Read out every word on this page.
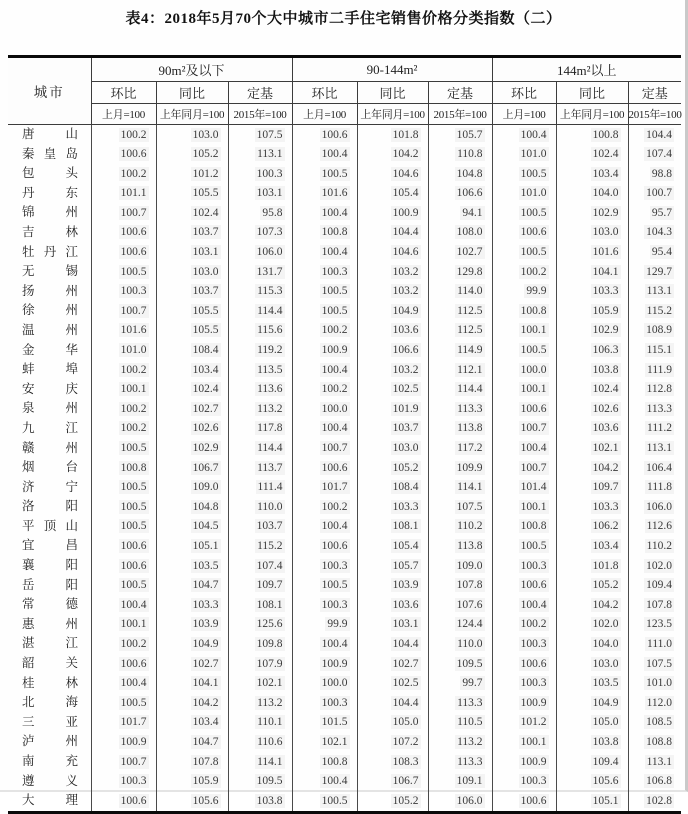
表4：2018年5月70个大中城市二手住宅销售价格分类指数（二）
城市	90m²及以下			90-144m²			144m²以上		
	环比	同比	定基	环比	同比	定基	环比	同比	定基
	上月=100	上年同月=100	2015年=100	上月=100	上年同月=100	2015年=100	上月=100	上年同月=100	2015年=100
唐山	100.2	103.0	107.5	100.6	101.8	105.7	100.4	100.8	104.4
秦皇岛	100.6	105.2	113.1	100.4	104.2	110.8	101.0	102.4	107.4
包头	100.2	101.2	100.3	100.5	104.6	104.8	100.5	103.4	98.8
丹东	101.1	105.5	103.1	101.6	105.4	106.6	101.0	104.0	100.7
锦州	100.7	102.4	95.8	100.4	100.9	94.1	100.5	102.9	95.7
吉林	100.6	103.7	107.3	100.8	104.4	108.0	100.6	103.0	104.3
牡丹江	100.6	103.1	106.0	100.4	104.6	102.7	100.5	101.6	95.4
无锡	100.5	103.0	131.7	100.3	103.2	129.8	100.2	104.1	129.7
扬州	100.3	103.7	115.3	100.5	103.2	114.0	99.9	103.3	113.1
徐州	100.7	105.5	114.4	100.5	104.9	112.5	100.8	105.9	115.2
温州	101.6	105.5	115.6	100.2	103.6	112.5	100.1	102.9	108.9
金华	101.0	108.4	119.2	100.9	106.6	114.9	100.5	106.3	115.1
蚌埠	100.2	103.4	113.5	100.4	103.2	112.1	100.0	103.8	111.9
安庆	100.1	102.4	113.6	100.2	102.5	114.4	100.1	102.4	112.8
泉州	100.2	102.7	113.2	100.0	101.9	113.3	100.6	102.6	113.3
九江	100.2	102.6	117.8	100.4	103.7	113.8	100.7	103.6	111.2
赣州	100.5	102.9	114.4	100.7	103.0	117.2	100.4	102.1	113.1
烟台	100.8	106.7	113.7	100.6	105.2	109.9	100.7	104.2	106.4
济宁	100.5	109.0	111.4	101.7	108.4	114.1	101.4	109.7	111.8
洛阳	100.5	104.8	110.0	100.2	103.3	107.5	100.1	103.3	106.0
平顶山	100.5	104.5	103.7	100.4	108.1	110.2	100.8	106.2	112.6
宜昌	100.6	105.1	115.2	100.6	105.4	113.8	100.5	103.4	110.2
襄阳	100.6	103.5	107.4	100.3	105.7	109.0	100.3	101.8	102.0
岳阳	100.5	104.7	109.7	100.5	103.9	107.8	100.6	105.2	109.4
常德	100.4	103.3	108.1	100.3	103.6	107.6	100.4	104.2	107.8
惠州	100.1	103.9	125.6	99.9	103.1	124.4	100.2	102.0	123.5
湛江	100.2	104.9	109.8	100.4	104.4	110.0	100.3	104.0	111.0
韶关	100.6	102.7	107.9	100.9	102.7	109.5	100.6	103.0	107.5
桂林	100.4	104.1	102.1	100.0	102.5	99.7	100.3	103.5	101.0
北海	100.5	104.2	113.2	100.3	104.4	113.3	100.9	104.9	112.0
三亚	101.7	103.4	110.1	101.5	105.0	110.5	101.2	105.0	108.5
泸州	100.9	104.7	110.6	102.1	107.2	113.2	100.1	103.8	108.8
南充	100.7	107.8	114.1	100.8	108.3	113.3	100.9	109.4	113.1
遵义	100.3	105.9	109.5	100.4	106.7	109.1	100.3	105.6	106.8
大理	100.6	105.6	103.8	100.5	105.2	106.0	100.6	105.1	102.8
